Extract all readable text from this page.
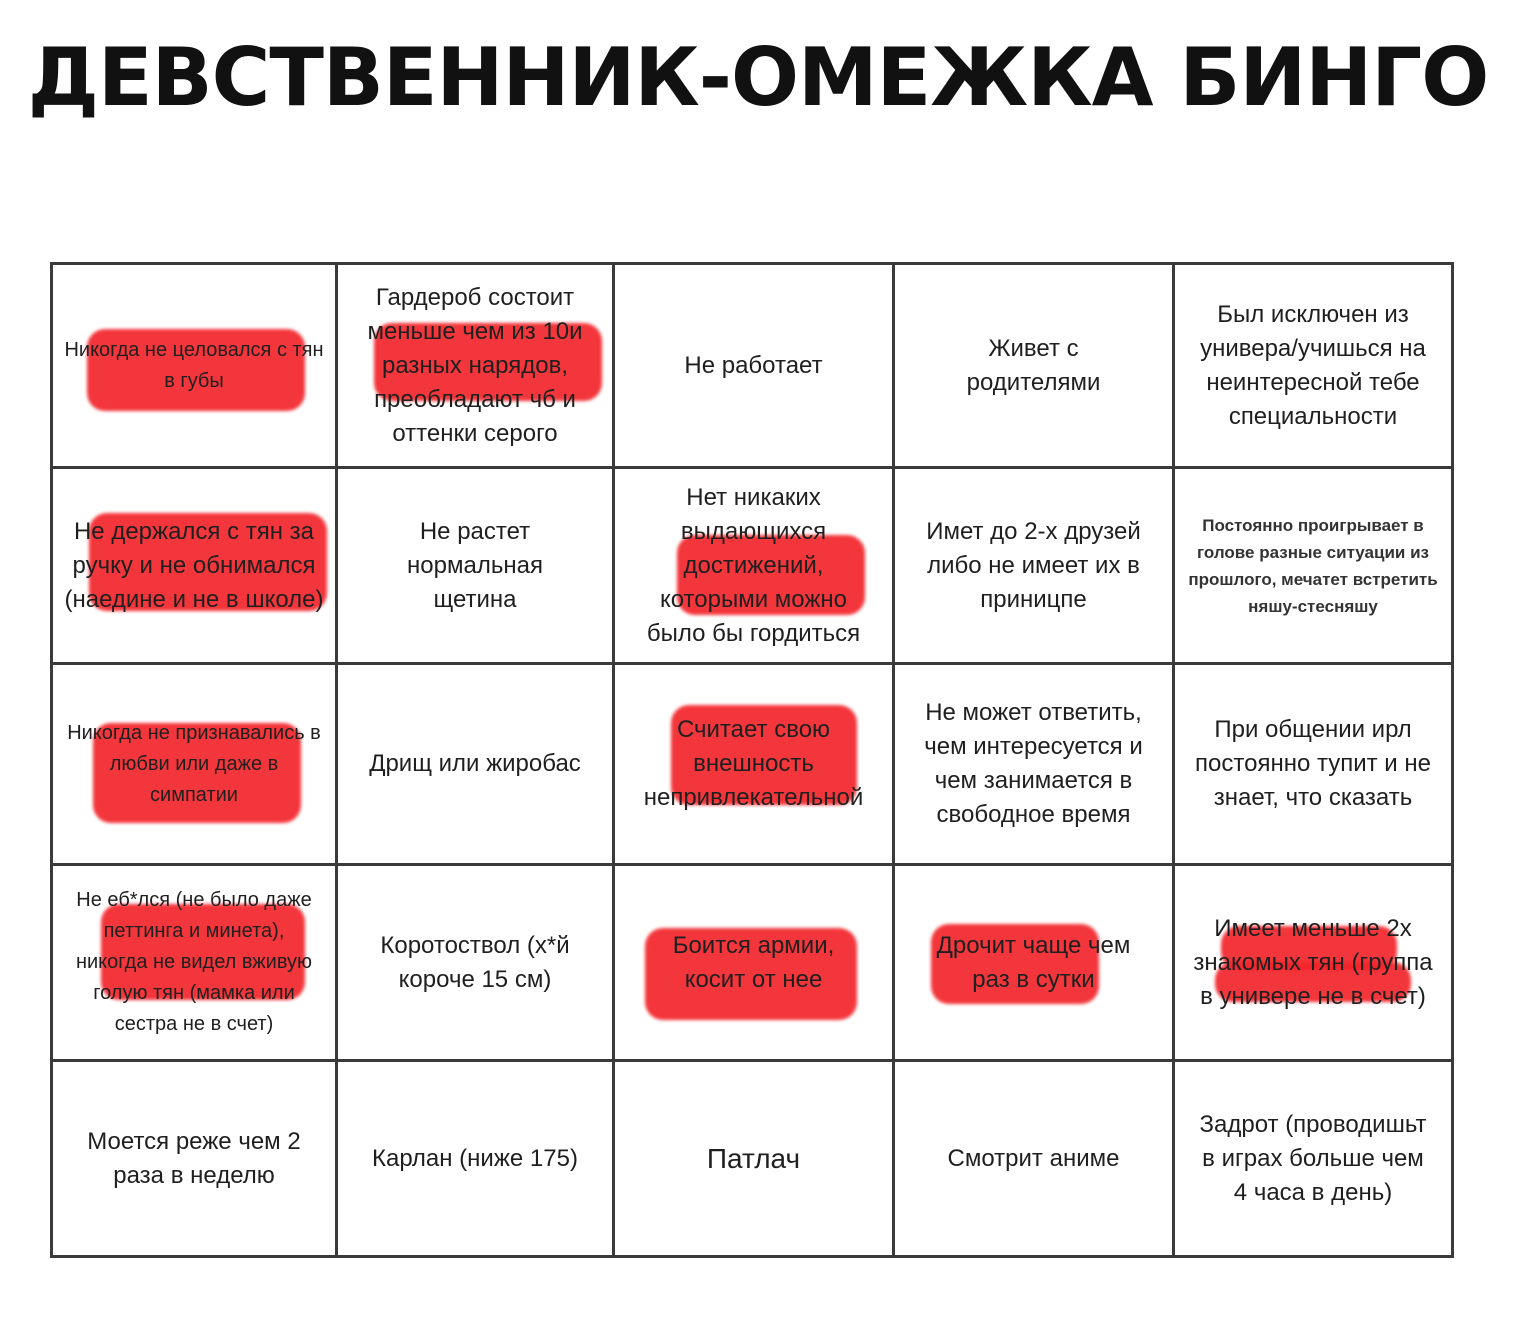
ДЕВСТВЕННИК-ОМЕЖКА БИНГО
Никогда не целовался с тян в губы
Гардероб состоит меньше чем из 10и разных нарядов, преобладают чб и оттенки серого
Не работает
Живет с родителями
Был исключен из универа/учишься на неинтересной тебе специальности
Не держался с тян за ручку и не обнимался (наедине и не в школе)
Не растет нормальная щетина
Нет никаких выдающихся достижений, которыми можно было бы гордиться
Имет до 2-х друзей либо не имеет их в приницпе
Постоянно проигрывает в голове разные ситуации из прошлого, мечатет встретить няшу-стесняшу
Никогда не признавались в любви или даже в симпатии
Дрищ или жиробас
Считает свою внешность непривлекательной
Не может ответить, чем интересуется и чем занимается в свободное время
При общении ирл постоянно тупит и не знает, что сказать
Не еб*лся (не было даже петтинга и минета), никогда не видел вживую голую тян (мамка или сестра не в счет)
Коротоствол (х*й короче 15 см)
Боится армии, косит от нее
Дрочит чаще чем раз в сутки
Имеет меньше 2х знакомых тян (группа в универе не в счет)
Моется реже чем 2 раза в неделю
Карлан (ниже 175)	Патлач	Смотрит аниме
Задрот (проводишьт в играх больше чем 4 часа в день)
